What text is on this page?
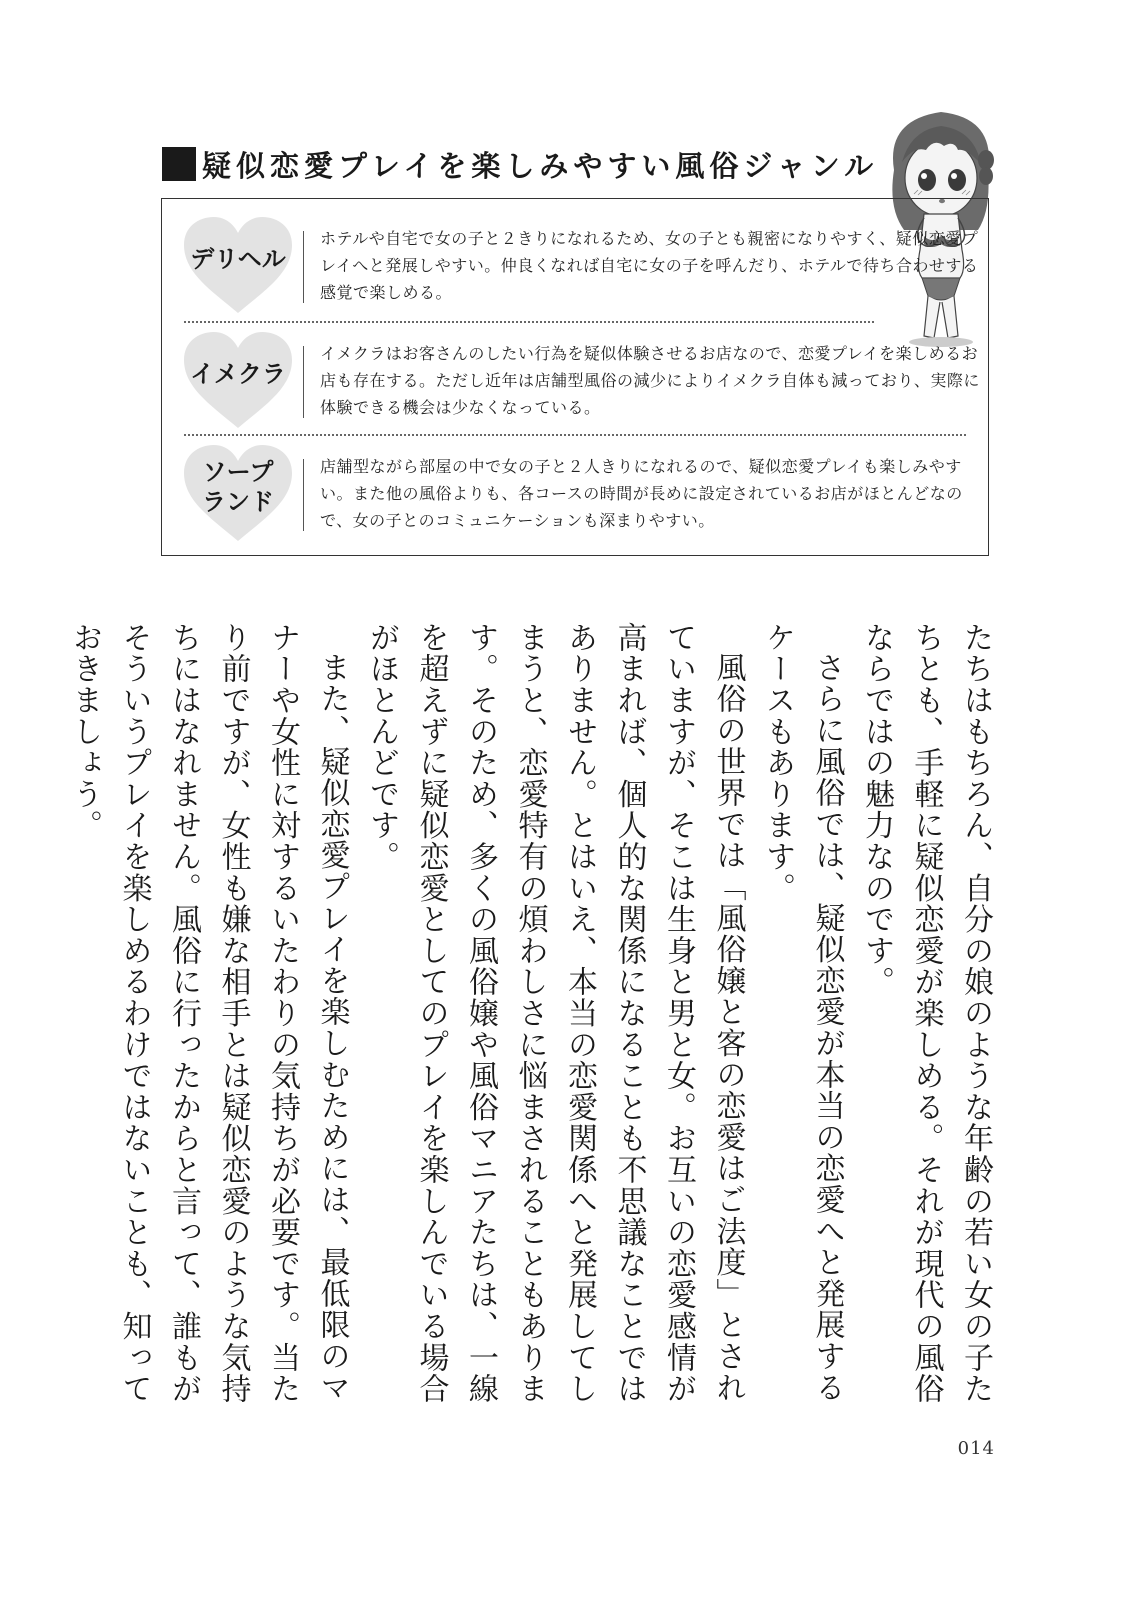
疑似恋愛プレイを楽しみやすい風俗ジャンル
デリヘル
ホテルや自宅で女の子と２きりになれるため、女の子とも親密になりやすく、疑似恋愛プレイへと発展しやすい。仲良くなれば自宅に女の子を呼んだり、ホテルで待ち合わせする感覚で楽しめる。
イメクラ
イメクラはお客さんのしたい行為を疑似体験させるお店なので、恋愛プレイを楽しめるお店も存在する。ただし近年は店舗型風俗の減少によりイメクラ自体も減っており、実際に体験できる機会は少なくなっている。
ソープ
ランド
店舗型ながら部屋の中で女の子と２人きりになれるので、疑似恋愛プレイも楽しみやすい。また他の風俗よりも、各コースの時間が長めに設定されているお店がほとんどなので、女の子とのコミュニケーションも深まりやすい。

たちはもちろん、自分の娘のような年齢の若い女の子たちとも、手軽に疑似恋愛が楽しめる。それが現代の風俗ならではの魅力なのです。

さらに風俗では、疑似恋愛が本当の恋愛へと発展するケースもあります。

風俗の世界では「風俗嬢と客の恋愛はご法度」とされていますが、そこは生身と男と女。お互いの恋愛感情が高まれば、個人的な関係になることも不思議なことではありません。とはいえ、本当の恋愛関係へと発展してしまうと、恋愛特有の煩わしさに悩まされることもあります。そのため、多くの風俗嬢や風俗マニアたちは、一線を超えずに疑似恋愛としてのプレイを楽しんでいる場合がほとんどです。

また、疑似恋愛プレイを楽しむためには、最低限のマナーや女性に対するいたわりの気持ちが必要です。当たり前ですが、女性も嫌な相手とは疑似恋愛のような気持ちにはなれません。風俗に行ったからと言って、誰もがそういうプレイを楽しめるわけではないことも、知っておきましょう。

014
